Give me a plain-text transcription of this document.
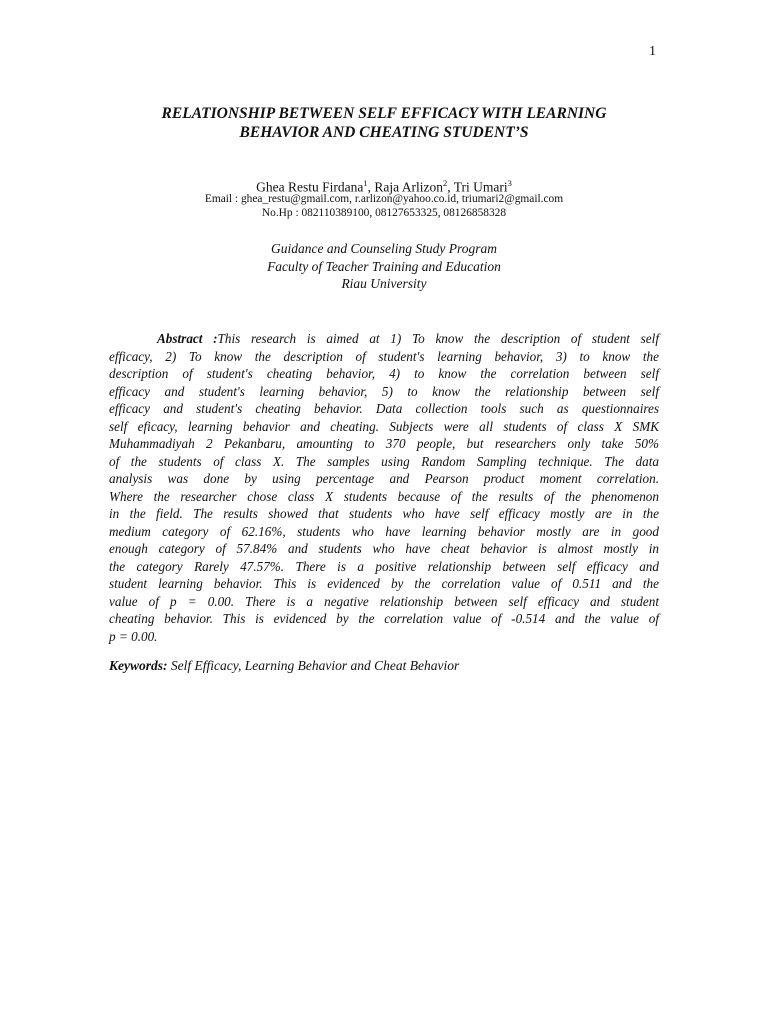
1
RELATIONSHIP BETWEEN SELF EFFICACY WITH LEARNING
BEHAVIOR AND CHEATING STUDENT’S
Ghea Restu Firdana$^1$, Raja Arlizon$^2$, Tri Umari$^3$
Email : ghea_restu@gmail.com, r.arlizon@yahoo.co.id, triumari2@gmail.com
No.Hp : 082110389100, 08127653325, 08126858328
Guidance and Counseling Study Program
Faculty of Teacher Training and Education
Riau University
Abstract :This research is aimed at 1) To know the description of student self
efficacy, 2) To know the description of student's learning behavior, 3) to know the
description of student's cheating behavior, 4) to know the correlation between self
efficacy and student's learning behavior, 5) to know the relationship between self
efficacy and student's cheating behavior. Data collection tools such as questionnaires
self eficacy, learning behavior and cheating. Subjects were all students of class X SMK
Muhammadiyah 2 Pekanbaru, amounting to 370 people, but researchers only take 50%
of the students of class X. The samples using Random Sampling technique. The data
analysis was done by using percentage and Pearson product moment correlation.
Where the researcher chose class X students because of the results of the phenomenon
in the field. The results showed that students who have self efficacy mostly are in the
medium category of 62.16%, students who have learning behavior mostly are in good
enough category of 57.84% and students who have cheat behavior is almost mostly in
the category Rarely 47.57%. There is a positive relationship between self efficacy and
student learning behavior. This is evidenced by the correlation value of 0.511 and the
value of p = 0.00. There is a negative relationship between self efficacy and student
cheating behavior. This is evidenced by the correlation value of -0.514 and the value of
p = 0.00.
Keywords: Self Efficacy, Learning Behavior and Cheat Behavior
